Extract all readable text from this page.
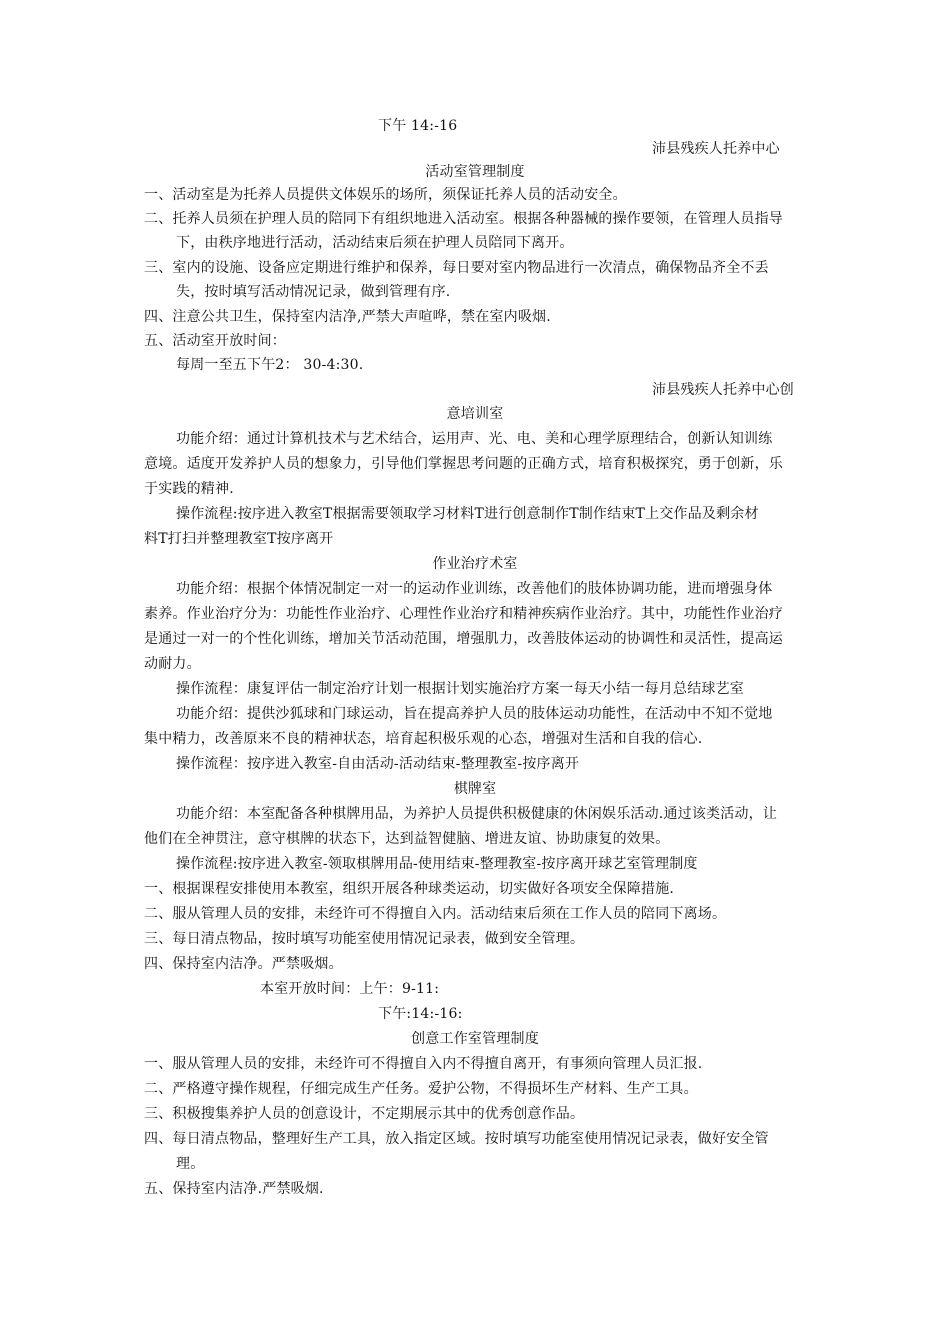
下午 14:-16
沛县残疾人托养中心
活动室管理制度
一、活动室是为托养人员提供文体娱乐的场所，须保证托养人员的活动安全。
二、托养人员须在护理人员的陪同下有组织地进入活动室。根据各种器械的操作要领，在管理人员指导
下，由秩序地进行活动，活动结束后须在护理人员陪同下离开。
三、室内的设施、设备应定期进行维护和保养，每日要对室内物品进行一次清点，确保物品齐全不丢
失，按时填写活动情况记录，做到管理有序.
四、注意公共卫生，保持室内洁净,严禁大声喧哗，禁在室内吸烟.
五、活动室开放时间：
每周一至五下午2： 30-4:30.
沛县残疾人托养中心创
意培训室
功能介绍：通过计算机技术与艺术结合，运用声、光、电、美和心理学原理结合，创新认知训练
意境。适度开发养护人员的想象力，引导他们掌握思考问题的正确方式，培育积极探究，勇于创新，乐
于实践的精神.
操作流程:按序进入教室T根据需要领取学习材料T进行创意制作T制作结束T上交作品及剩余材
料T打扫并整理教室T按序离开
作业治疗术室
功能介绍：根据个体情况制定一对一的运动作业训练，改善他们的肢体协调功能，进而增强身体
素养。作业治疗分为：功能性作业治疗、心理性作业治疗和精神疾病作业治疗。其中，功能性作业治疗
是通过一对一的个性化训练，增加关节活动范围，增强肌力，改善肢体运动的协调性和灵活性，提高运
动耐力。
操作流程：康复评估一制定治疗计划一根据计划实施治疗方案一每天小结一每月总结球艺室
功能介绍：提供沙狐球和门球运动，旨在提高养护人员的肢体运动功能性，在活动中不知不觉地
集中精力，改善原来不良的精神状态，培育起积极乐观的心态，增强对生活和自我的信心.
操作流程：按序进入教室-自由活动-活动结束-整理教室-按序离开
棋牌室
功能介绍：本室配备各种棋牌用品，为养护人员提供积极健康的休闲娱乐活动.通过该类活动，让
他们在全神贯注，意守棋牌的状态下，达到益智健脑、增进友谊、协助康复的效果。
操作流程:按序进入教室-领取棋牌用品-使用结束-整理教室-按序离开球艺室管理制度
一、根据课程安排使用本教室，组织开展各种球类运动，切实做好各项安全保障措施.
二、服从管理人员的安排，未经许可不得擅自入内。活动结束后须在工作人员的陪同下离场。
三、每日清点物品，按时填写功能室使用情况记录表，做到安全管理。
四、保持室内洁净。严禁吸烟。
本室开放时间：上午：9-11:
下午:14:-16:
创意工作室管理制度
一、服从管理人员的安排，未经许可不得擅自入内不得擅自离开，有事须向管理人员汇报.
二、严格遵守操作规程，仔细完成生产任务。爱护公物，不得损坏生产材料、生产工具。
三、积极搜集养护人员的创意设计，不定期展示其中的优秀创意作品。
四、每日清点物品，整理好生产工具，放入指定区域。按时填写功能室使用情况记录表，做好安全管
理。
五、保持室内洁净.严禁吸烟.
